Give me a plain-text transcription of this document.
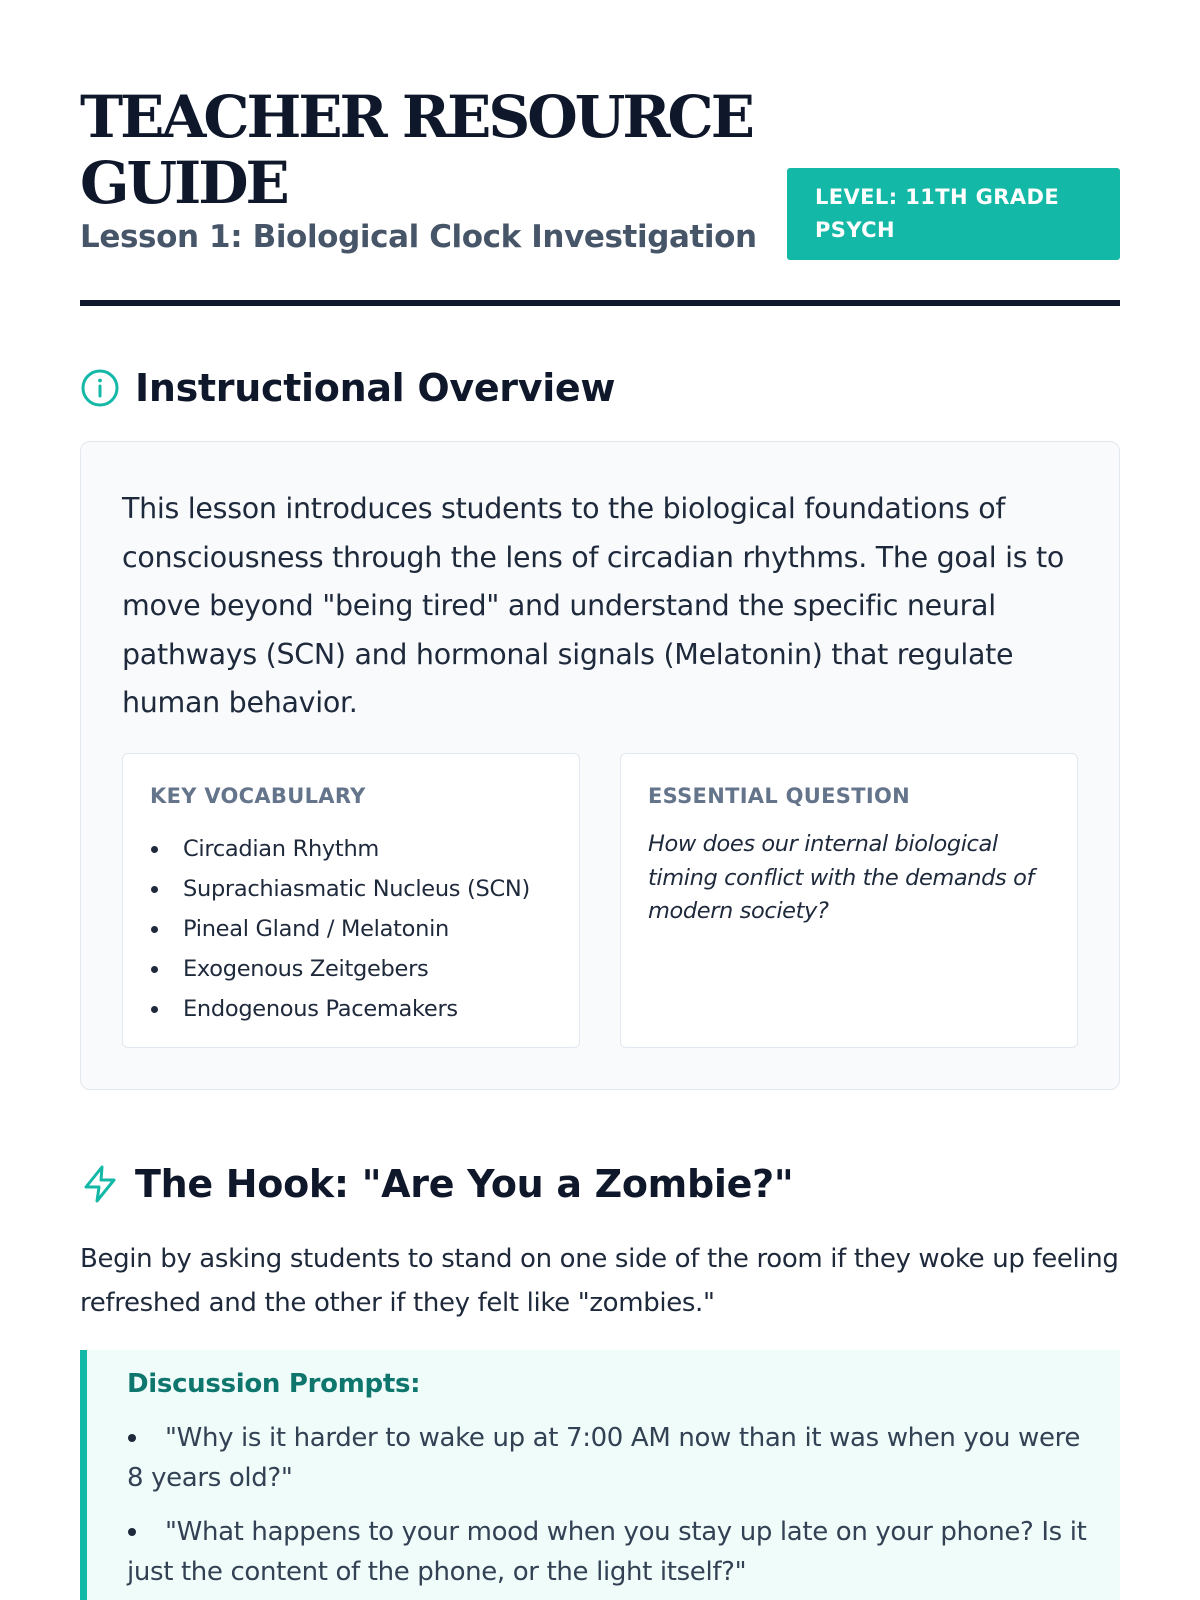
TEACHER RESOURCE GUIDE

Lesson 1: Biological Clock Investigation

LEVEL: 11TH GRADE PSYCH
Instructional Overview

This lesson introduces students to the biological foundations of consciousness through the lens of circadian rhythms. The goal is to move beyond "being tired" and understand the specific neural pathways (SCN) and hormonal signals (Melatonin) that regulate human behavior.

KEY VOCABULARY

Circadian Rhythm
Suprachiasmatic Nucleus (SCN)
Pineal Gland / Melatonin
Exogenous Zeitgebers
Endogenous Pacemakers

ESSENTIAL QUESTION

How does our internal biological timing conflict with the demands of modern society?

The Hook: "Are You a Zombie?"

Begin by asking students to stand on one side of the room if they woke up feeling refreshed and the other if they felt like "zombies."

Discussion Prompts:

"Why is it harder to wake up at 7:00 AM now than it was when you were 8 years old?"
"What happens to your mood when you stay up late on your phone? Is it just the content of the phone, or the light itself?"
